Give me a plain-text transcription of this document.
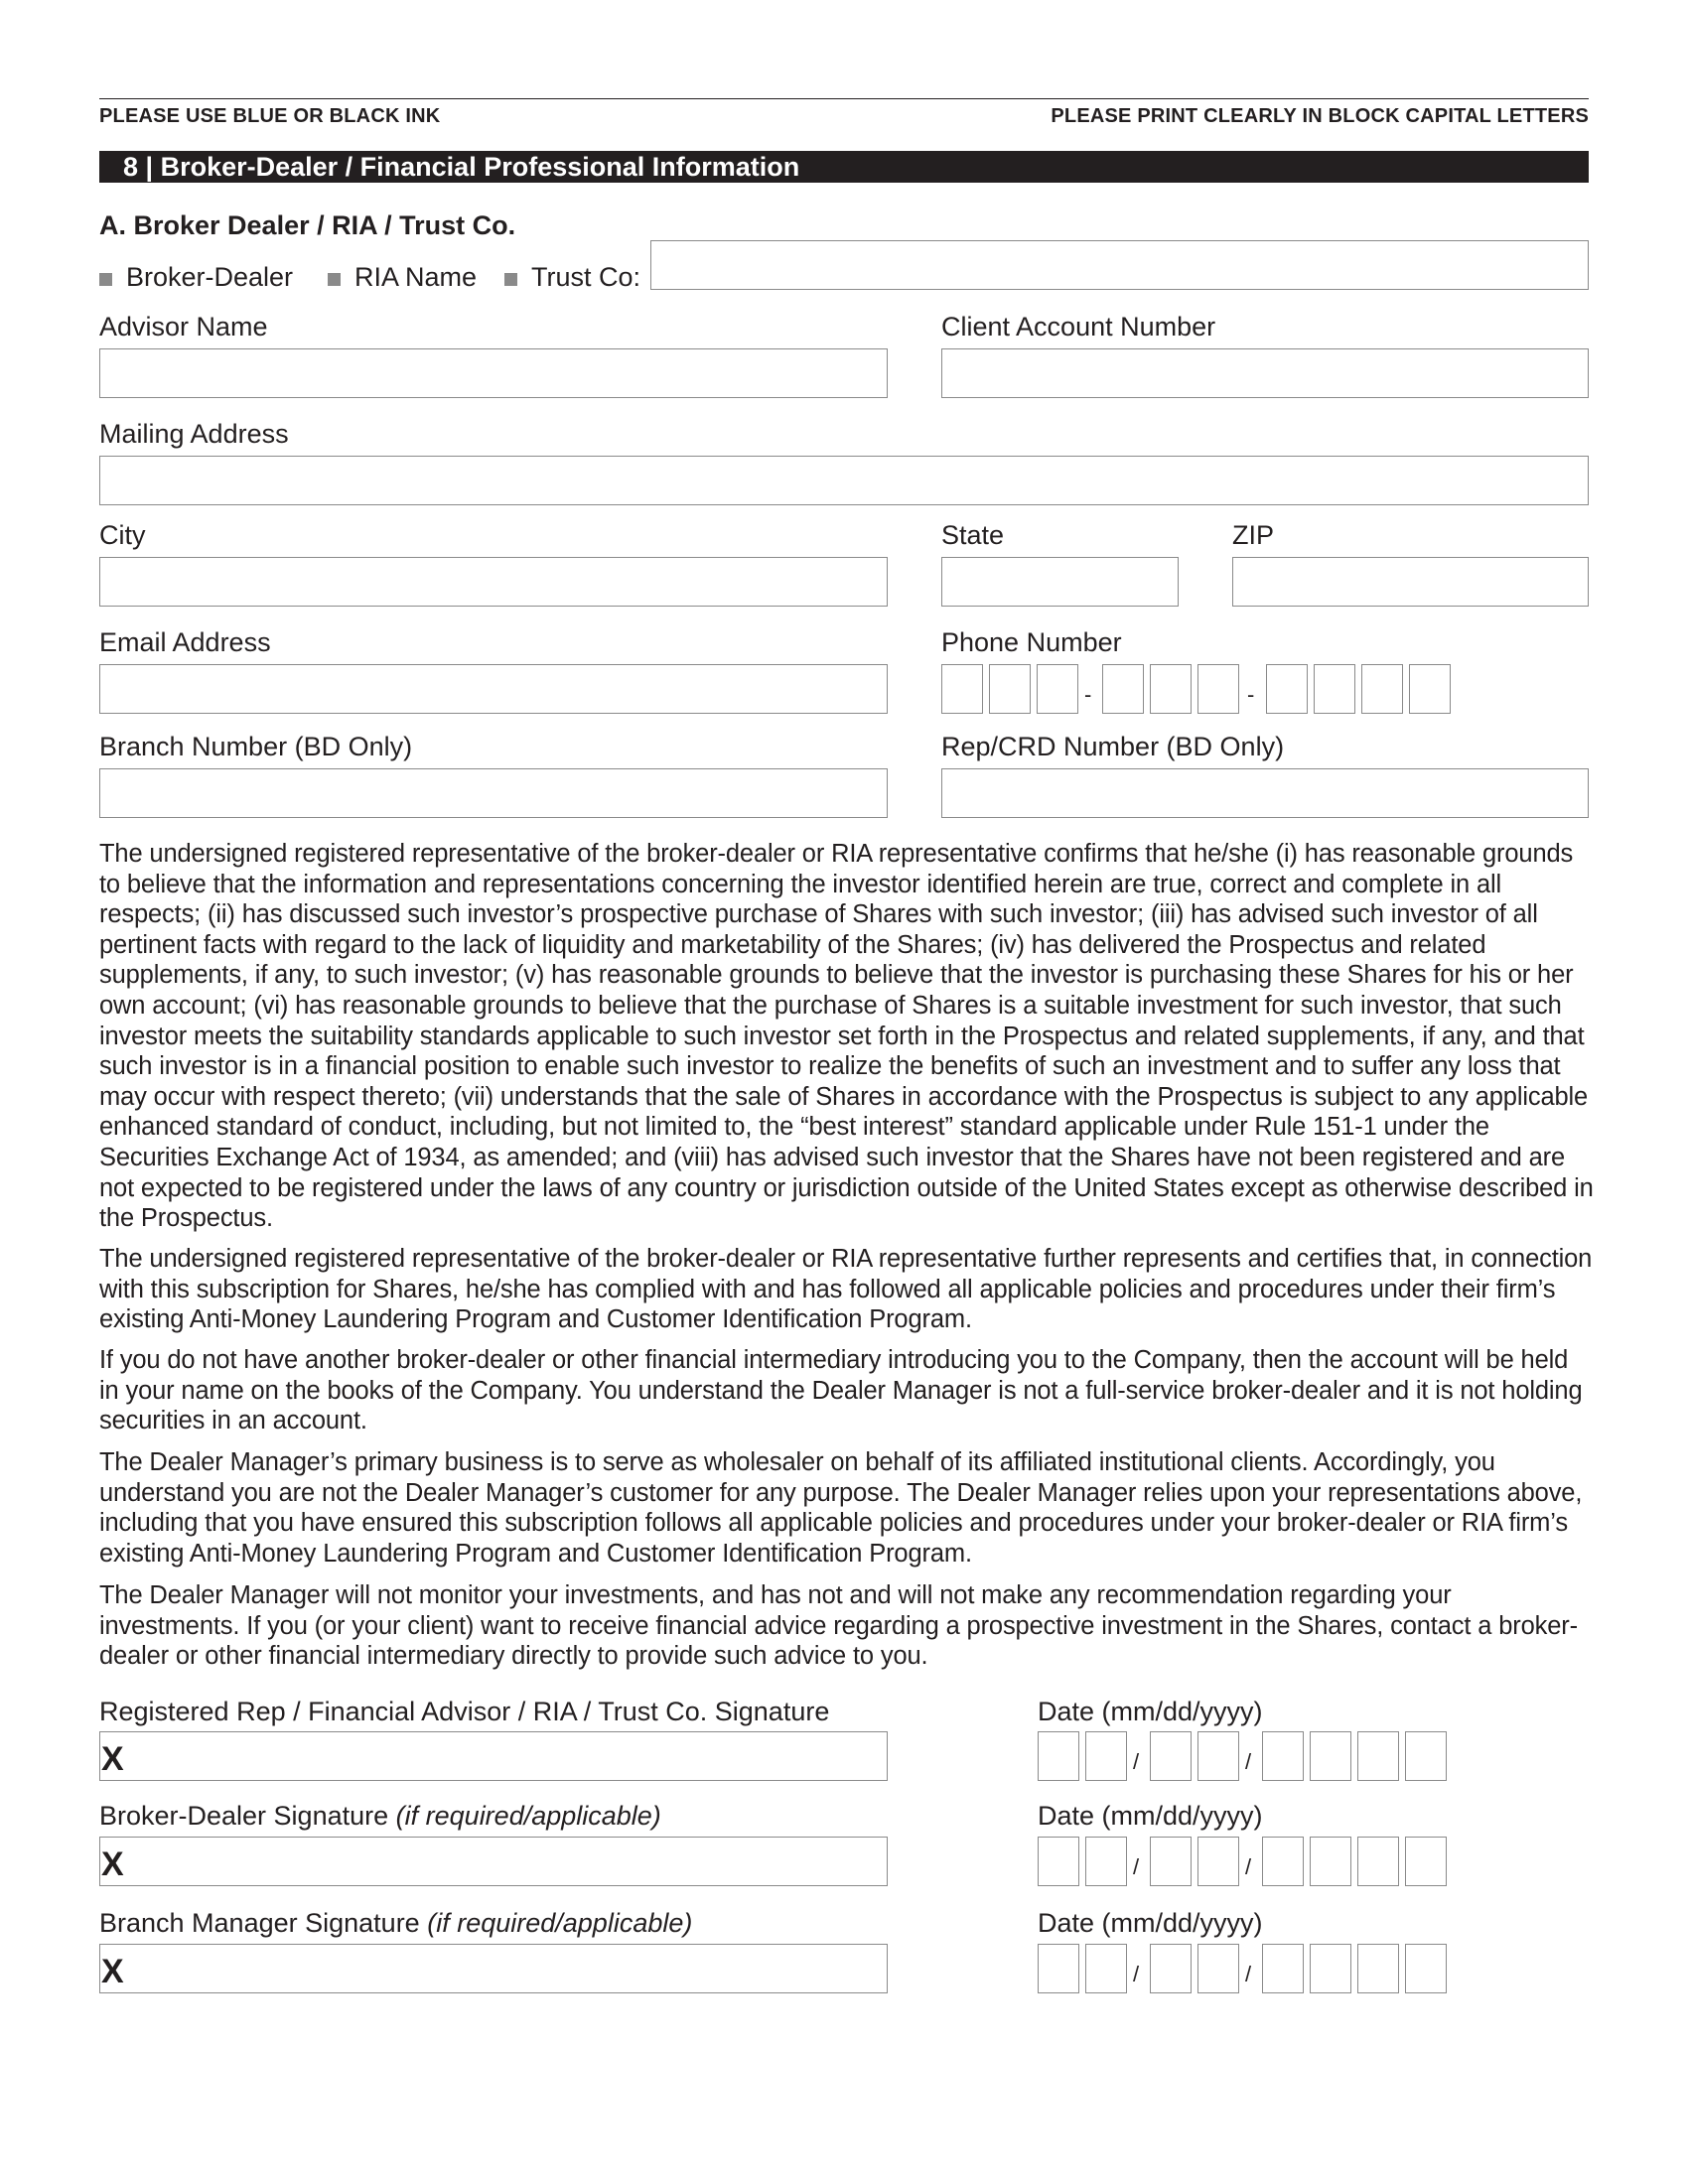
PLEASE USE BLUE OR BLACK INK	PLEASE PRINT CLEARLY IN BLOCK CAPITAL LETTERS
8 | Broker-Dealer / Financial Professional Information
A. Broker Dealer / RIA / Trust Co.
Broker-Dealer RIA Name Trust Co:
Advisor Name	Client Account Number
Mailing Address
City	State	ZIP
Email Address	Phone Number
-	-
Branch Number (BD Only)	Rep/CRD Number (BD Only)

The undersigned registered representative of the broker-dealer or RIA representative confirms that he/she (i) has reasonable grounds to believe that the information and representations concerning the investor identified herein are true, correct and complete in all respects; (ii) has discussed such investor’s prospective purchase of Shares with such investor; (iii) has advised such investor of all pertinent facts with regard to the lack of liquidity and marketability of the Shares; (iv) has delivered the Prospectus and related supplements, if any, to such investor; (v) has reasonable grounds to believe that the investor is purchasing these Shares for his or her own account; (vi) has reasonable grounds to believe that the purchase of Shares is a suitable investment for such investor, that such investor meets the suitability standards applicable to such investor set forth in the Prospectus and related supplements, if any, and that such investor is in a financial position to enable such investor to realize the benefits of such an investment and to suffer any loss that may occur with respect thereto; (vii) understands that the sale of Shares in accordance with the Prospectus is subject to any applicable enhanced standard of conduct, including, but not limited to, the “best interest” standard applicable under Rule 151-1 under the Securities Exchange Act of 1934, as amended; and (viii) has advised such investor that the Shares have not been registered and are not expected to be registered under the laws of any country or jurisdiction outside of the United States except as otherwise described in the Prospectus.

The undersigned registered representative of the broker-dealer or RIA representative further represents and certifies that, in connection with this subscription for Shares, he/she has complied with and has followed all applicable policies and procedures under their firm’s existing Anti-Money Laundering Program and Customer Identification Program.

If you do not have another broker-dealer or other financial intermediary introducing you to the Company, then the account will be held in your name on the books of the Company. You understand the Dealer Manager is not a full-service broker-dealer and it is not holding securities in an account.

The Dealer Manager’s primary business is to serve as wholesaler on behalf of its affiliated institutional clients. Accordingly, you understand you are not the Dealer Manager’s customer for any purpose. The Dealer Manager relies upon your representations above, including that you have ensured this subscription follows all applicable policies and procedures under your broker-dealer or RIA firm’s existing Anti-Money Laundering Program and Customer Identification Program.

The Dealer Manager will not monitor your investments, and has not and will not make any recommendation regarding your investments. If you (or your client) want to receive financial advice regarding a prospective investment in the Shares, contact a broker-dealer or other financial intermediary directly to provide such advice to you.

Registered Rep / Financial Advisor / RIA / Trust Co. Signature
X
Date (mm/dd/yyyy)
/	/
Broker-Dealer Signature (if required/applicable)
X
Date (mm/dd/yyyy)
/	/
Branch Manager Signature (if required/applicable)
X
Date (mm/dd/yyyy)
/	/
